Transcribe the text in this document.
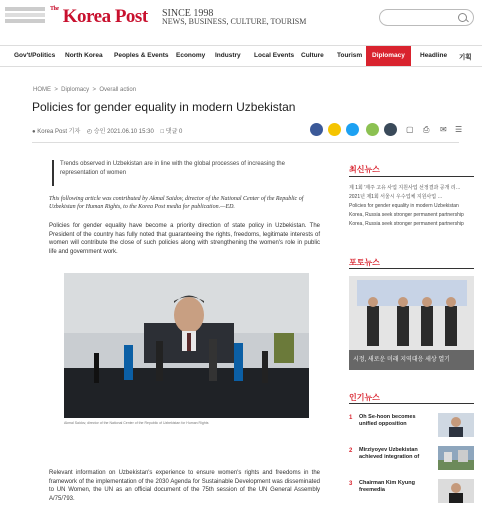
$^{The}$ Korea Post SINCE 1998
NEWS, BUSINESS, CULTURE, TOURISM
Gov't/Politics North Korea Peoples & Events Economy Industry Local Events Culture Tourism	Diplomacy	Headline 기획
HOME  >  Diplomacy  >  Overall action
Policies for gender equality in modern Uzbekistan
● Korea Post 기자 ◴ 승인 2021.06.10 15:30 □ 댓글 0	▢ ⎙ ✉ ☰
Trends observed in Uzbekistan are in line with the global processes of increasing the representation of women
This following article was contributed by Akmal Saidov, director of the National Center of the Republic of Uzbekistan for Human Rights, to the Korea Post media for publication.—ED.
Policies for gender equality have become a priority direction of state policy in Uzbekistan. The President of the country has fully noted that guaranteeing the rights, freedoms, legitimate interests of women will contribute the close of such policies along with strengthening the women's role in public life and government work.
Akmal Saidov, director of the National Center of the Republic of Uzbekistan for Human Rights
Relevant information on Uzbekistan's experience to ensure women's rights and freedoms in the framework of the implementation of the 2030 Agenda for Sustainable Development was disseminated to UN Women, the UN as an official document of the 75th session of the UN General Assembly A/75/793.
최신뉴스
제 1회 '제주 고유 사업 지원사업 선정결과 공개 리…
2021년 제1회 서울시 우수업체 지원사업 …
Policies for gender equality in modern Uzbekistan
Korea, Russia seek stronger permanent partnership
Korea, Russia seek stronger permanent partnership
포토뉴스
시정, 새로운 미래 지역대응 세상 열기
인기뉴스
1 Oh Se-hoon becomes unified opposition
2 Mirziyoyev Uzbekistan achieved integration of
3 Chairman Kim Kyung freemedia
